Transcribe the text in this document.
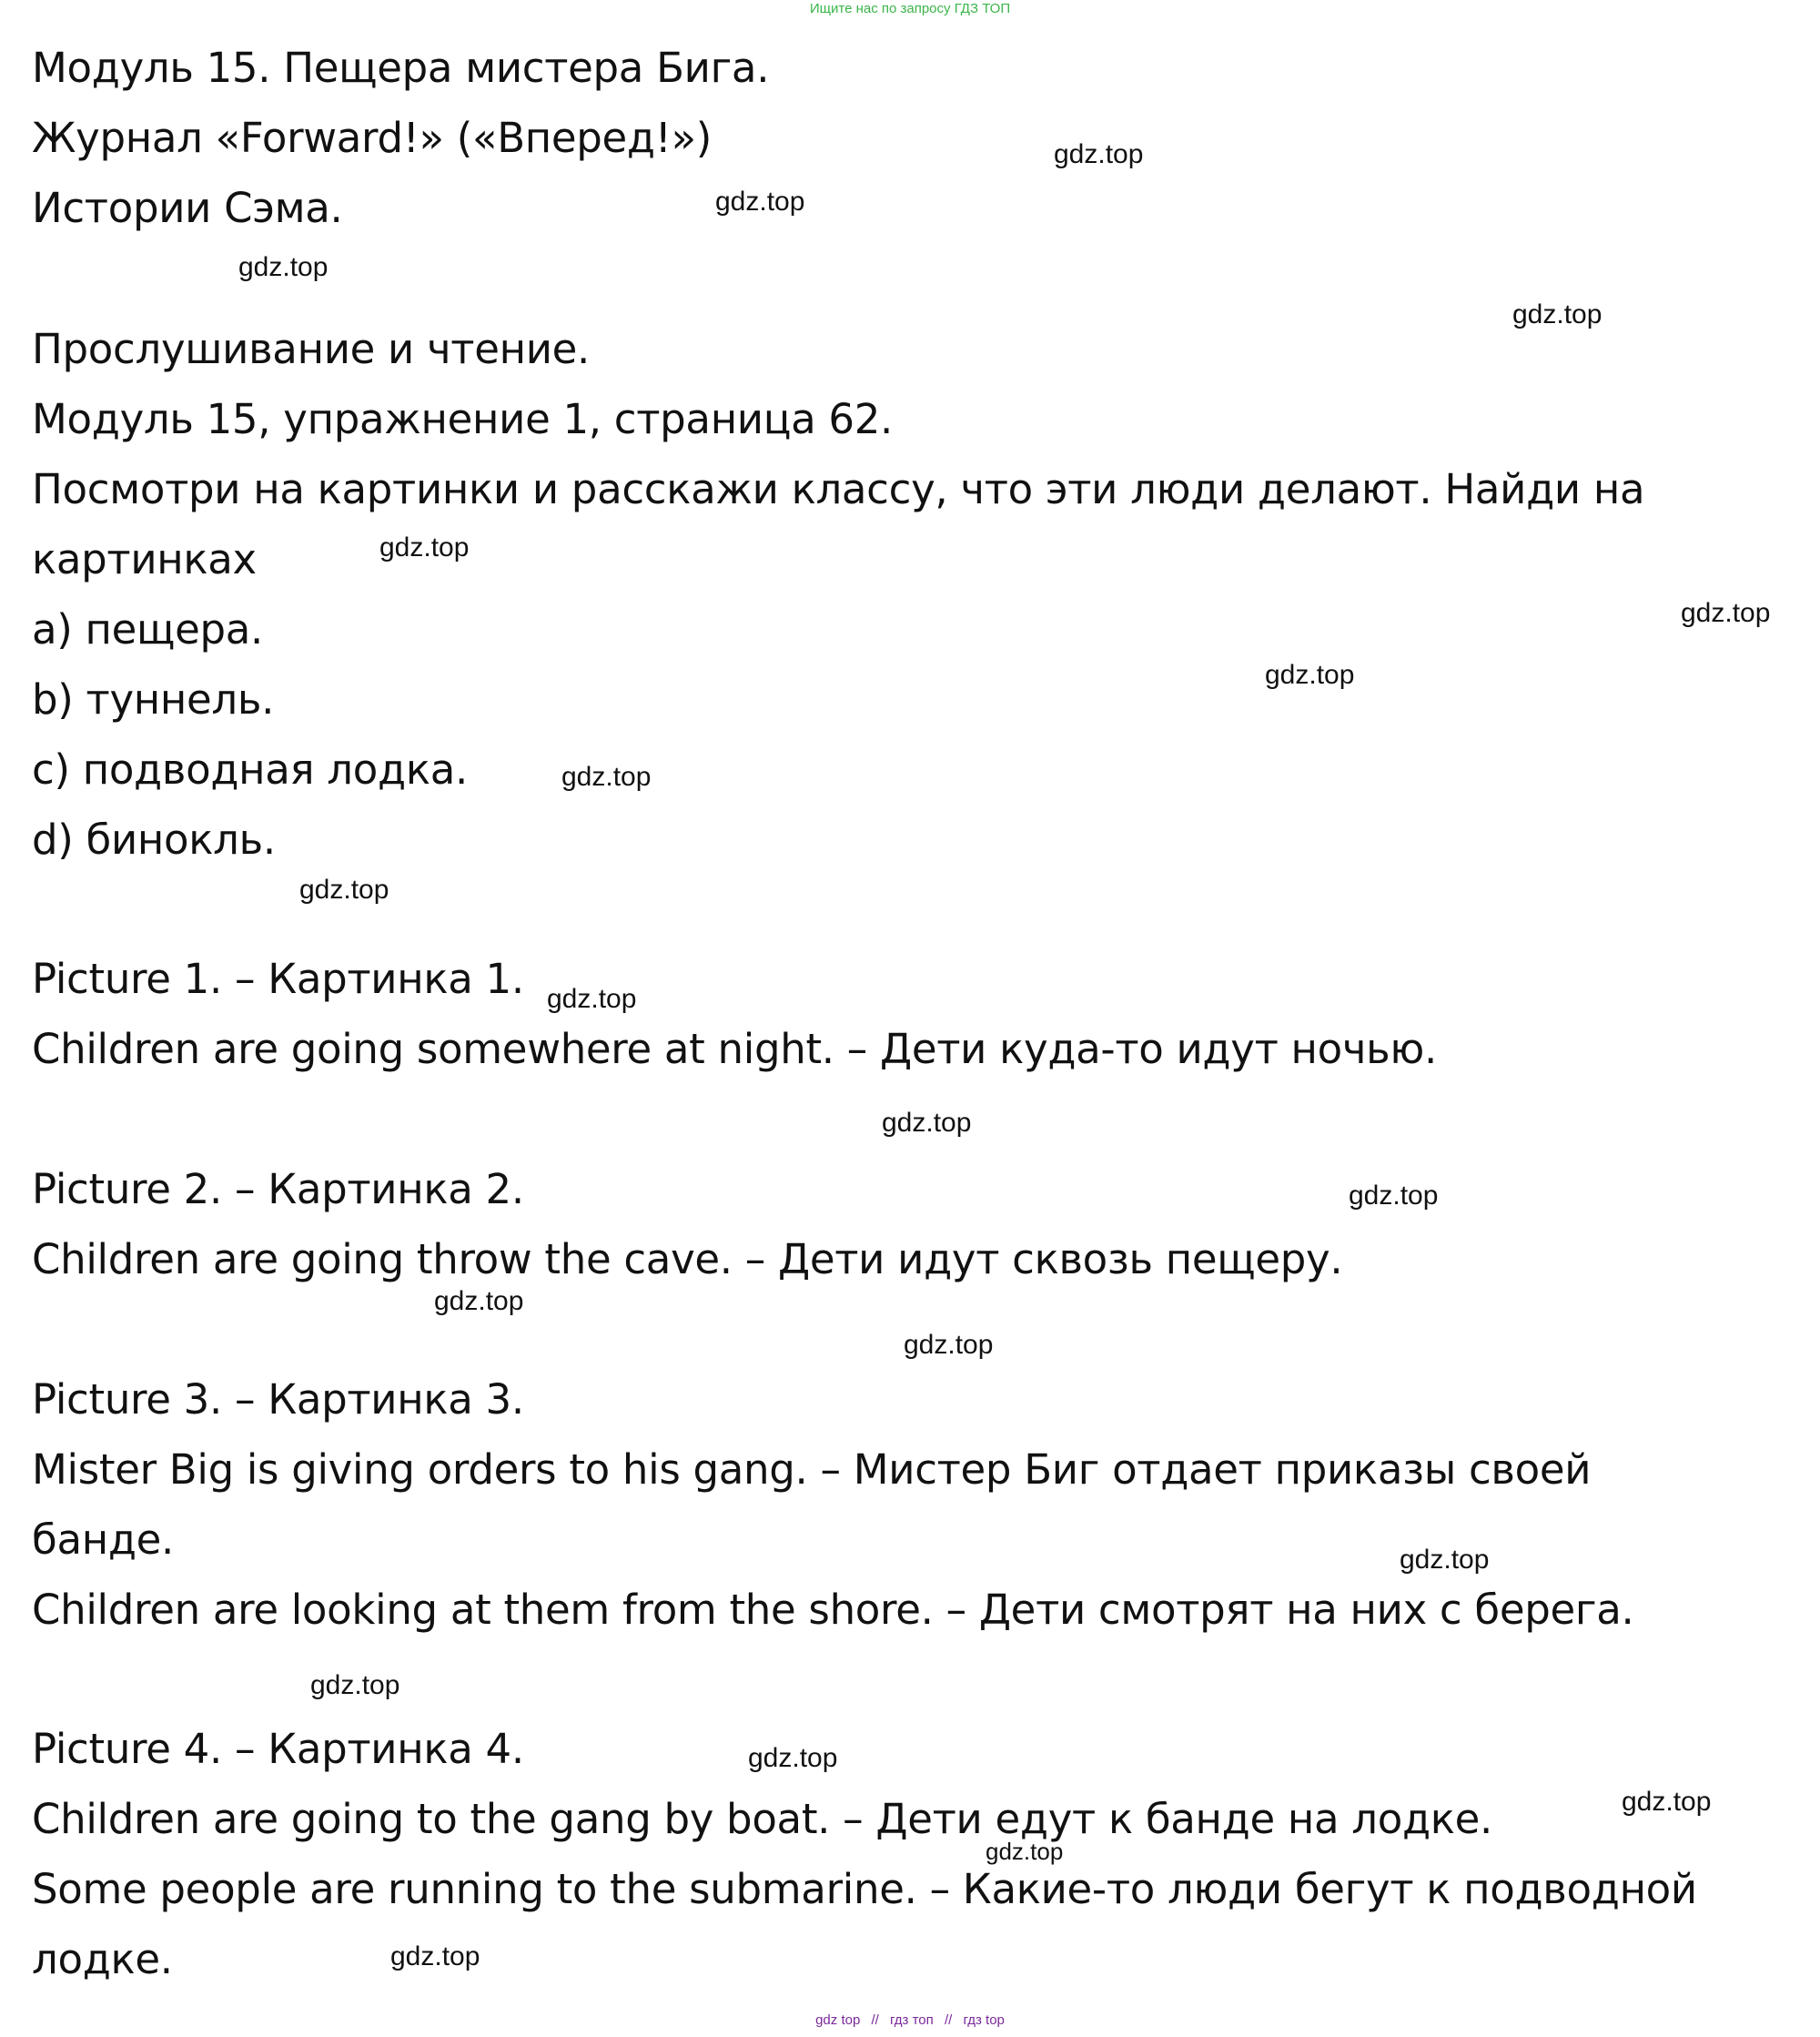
Ищите нас по запросу ГДЗ ТОП
Модуль 15. Пещера мистера Бига.
Журнал «Forward!» («Вперед!»)
Истории Сэма.
Прослушивание и чтение.
Модуль 15, упражнение 1, страница 62.
Посмотри на картинки и расскажи классу, что эти люди делают. Найди на
картинках
a) пещера.
b) туннель.
c) подводная лодка.
d) бинокль.
Picture 1. – Картинка 1.
Children are going somewhere at night. – Дети куда-то идут ночью.
Picture 2. – Картинка 2.
Children are going throw the cave. – Дети идут сквозь пещеру.
Picture 3. – Картинка 3.
Mister Big is giving orders to his gang. – Мистер Биг отдает приказы своей
банде.
Children are looking at them from the shore. – Дети смотрят на них с берега.
Picture 4. – Картинка 4.
Children are going to the gang by boat. – Дети едут к банде на лодке.
Some people are running to the submarine. – Какие-то люди бегут к подводной
лодке.
gdz.top
gdz.top
gdz.top
gdz.top
gdz.top
gdz.top
gdz.top
gdz.top
gdz.top
gdz.top
gdz.top
gdz.top
gdz.top
gdz.top
gdz.top
gdz.top
gdz.top
gdz.top
gdz.top
gdz.top
gdz top // гдз топ // гдз top
